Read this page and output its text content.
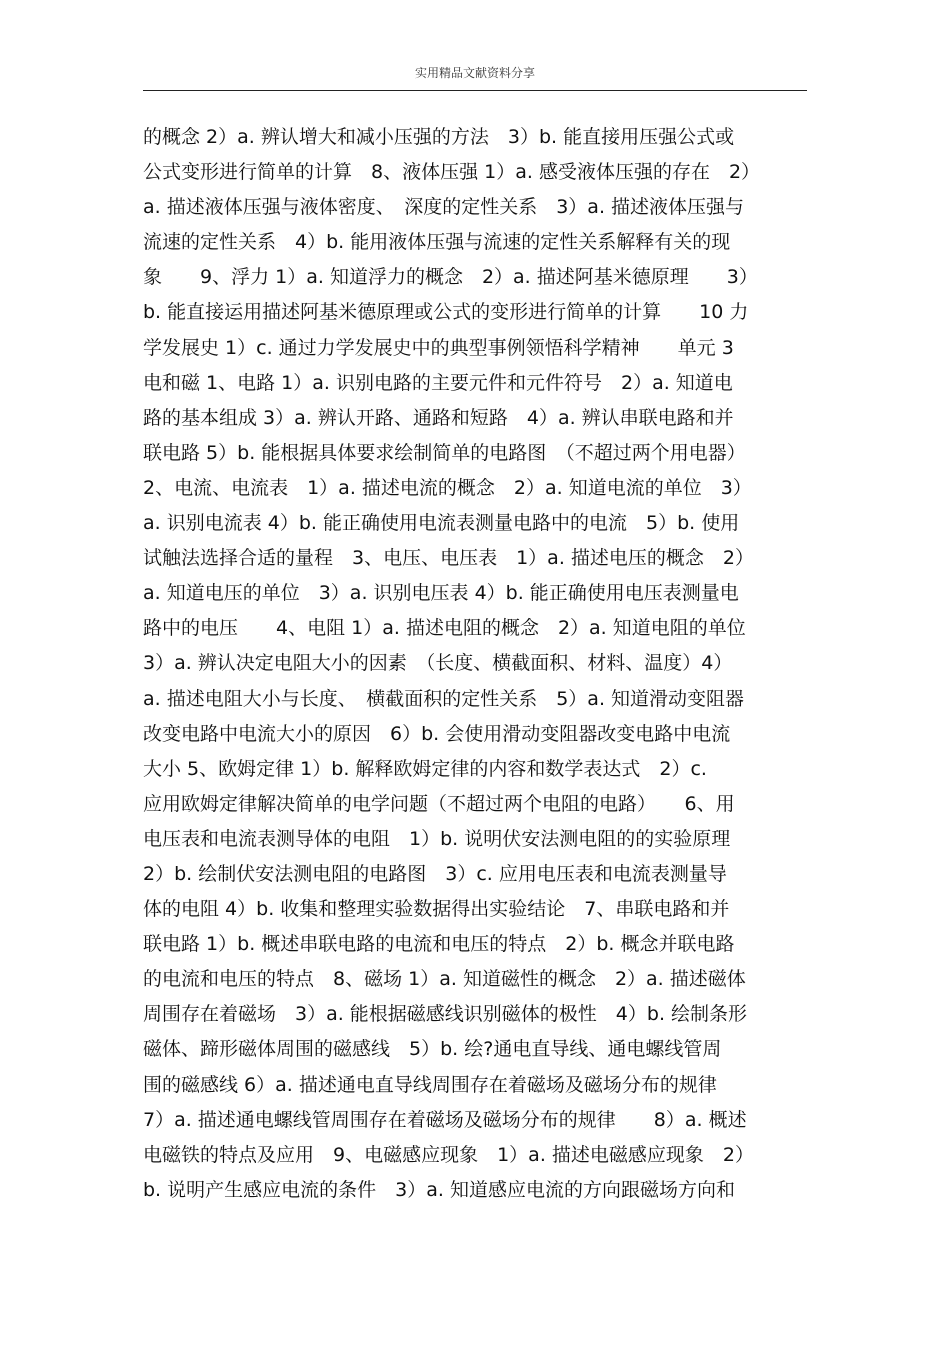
实用精品文献资料分享
的概念 2）a. 辨认增大和减小压强的方法　3）b. 能直接用压强公式或
公式变形进行简单的计算　8、液体压强 1）a. 感受液体压强的存在　2）
a. 描述液体压强与液体密度、　深度的定性关系　3）a. 描述液体压强与
流速的定性关系　4）b. 能用液体压强与流速的定性关系解释有关的现
象　　9、浮力 1）a. 知道浮力的概念　2）a. 描述阿基米德原理　　3）
b. 能直接运用描述阿基米德原理或公式的变形进行简单的计算　　10 力
学发展史 1）c. 通过力学发展史中的典型事例领悟科学精神　　单元 3
电和磁 1、电路 1）a. 识别电路的主要元件和元件符号　2）a. 知道电
路的基本组成 3）a. 辨认开路、通路和短路　4）a. 辨认串联电路和并
联电路 5）b. 能根据具体要求绘制简单的电路图　（不超过两个用电器）
2、电流、电流表　1）a. 描述电流的概念　2）a. 知道电流的单位　3）
a. 识别电流表 4）b. 能正确使用电流表测量电路中的电流　5）b. 使用
试触法选择合适的量程　3、电压、电压表　1）a. 描述电压的概念　2）
a. 知道电压的单位　3）a. 识别电压表 4）b. 能正确使用电压表测量电
路中的电压　　4、电阻 1）a. 描述电阻的概念　2）a. 知道电阻的单位
3）a. 辨认决定电阻大小的因素　（长度、横截面积、材料、温度）4）
a. 描述电阻大小与长度、　横截面积的定性关系　5）a. 知道滑动变阻器
改变电路中电流大小的原因　6）b. 会使用滑动变阻器改变电路中电流
大小 5、欧姆定律 1）b. 解释欧姆定律的内容和数学表达式　2）c.
应用欧姆定律解决简单的电学问题（不超过两个电阻的电路）　　6、用
电压表和电流表测导体的电阻　1）b. 说明伏安法测电阻的的实验原理
2）b. 绘制伏安法测电阻的电路图　3）c. 应用电压表和电流表测量导
体的电阻 4）b. 收集和整理实验数据得出实验结论　7、串联电路和并
联电路 1）b. 概述串联电路的电流和电压的特点　2）b. 概念并联电路
的电流和电压的特点　8、磁场 1）a. 知道磁性的概念　2）a. 描述磁体
周围存在着磁场　3）a. 能根据磁感线识别磁体的极性　4）b. 绘制条形
磁体、蹄形磁体周围的磁感线　5）b. 绘?通电直导线、通电螺线管周
围的磁感线 6）a. 描述通电直导线周围存在着磁场及磁场分布的规律
7）a. 描述通电螺线管周围存在着磁场及磁场分布的规律　　8）a. 概述
电磁铁的特点及应用　9、电磁感应现象　1）a. 描述电磁感应现象　2）
b. 说明产生感应电流的条件　3）a. 知道感应电流的方向跟磁场方向和
